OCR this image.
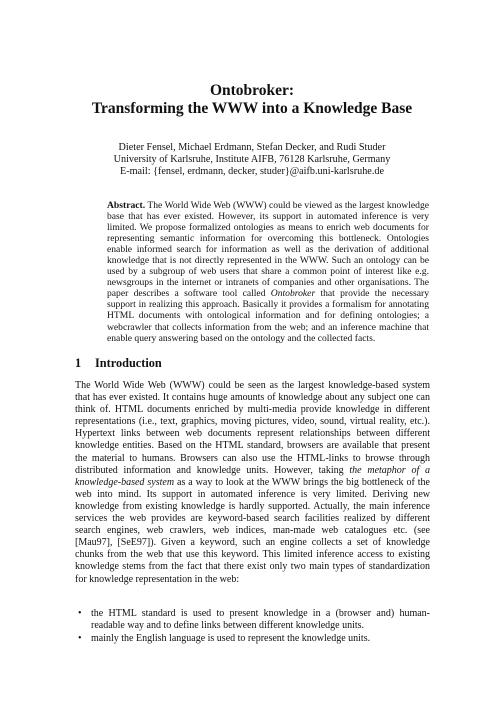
Ontobroker:
Transforming the WWW into a Knowledge Base
Dieter Fensel, Michael Erdmann, Stefan Decker, and Rudi Studer
University of Karlsruhe, Institute AIFB, 76128 Karlsruhe, Germany
E-mail: {fensel, erdmann, decker, studer}@aifb.uni-karlsruhe.de
Abstract. The World Wide Web (WWW) could be viewed as the largest knowledge base that has ever existed. However, its support in automated inference is very limited. We propose formalized ontologies as means to enrich web documents for representing semantic information for overcoming this bottleneck. Ontologies enable informed search for information as well as the derivation of additional knowledge that is not directly represented in the WWW. Such an ontology can be used by a subgroup of web users that share a common point of interest like e.g. newsgroups in the internet or intranets of companies and other organisations. The paper describes a software tool called Ontobroker that provide the necessary support in realizing this approach. Basically it provides a formalism for annotating HTML documents with ontological information and for defining ontologies; a webcrawler that collects information from the web; and an inference machine that enable query answering based on the ontology and the collected facts.
1 Introduction
The World Wide Web (WWW) could be seen as the largest knowledge-based system that has ever existed. It contains huge amounts of knowledge about any subject one can think of. HTML documents enriched by multi-media provide knowledge in different representations (i.e., text, graphics, moving pictures, video, sound, virtual reality, etc.). Hypertext links between web documents represent relationships between different knowledge entities. Based on the HTML standard, browsers are available that present the material to humans. Browsers can also use the HTML-links to browse through distributed information and knowledge units. However, taking the metaphor of a knowledge-based system as a way to look at the WWW brings the big bottleneck of the web into mind. Its support in automated inference is very limited. Deriving new knowledge from existing knowledge is hardly supported. Actually, the main inference services the web provides are keyword-based search facilities realized by different search engines, web crawlers, web indices, man-made web catalogues etc. (see [Mau97], [SeE97]). Given a keyword, such an engine collects a set of knowledge chunks from the web that use this keyword. This limited inference access to existing knowledge stems from the fact that there exist only two main types of standardization for knowledge representation in the web:
• the HTML standard is used to present knowledge in a (browser and) human-readable way and to define links between different knowledge units.
• mainly the English language is used to represent the knowledge units.
